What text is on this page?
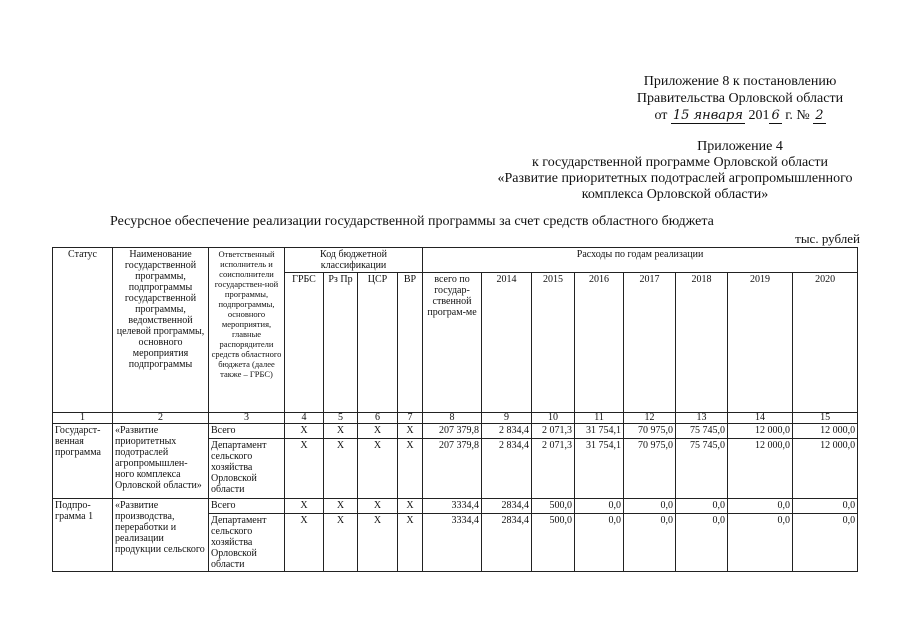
Приложение 8 к постановлению
Правительства Орловской области
от 15 января 201 6 г. № 2
Приложение 4
к государственной программе Орловской области
«Развитие приоритетных подотраслей агропромышленного
комплекса Орловской области»
Ресурсное обеспечение реализации государственной программы за счет средств областного бюджета
тыс. рублей
Статус	Наименование государственной программы, подпрограммы государственной программы, ведомственной целевой программы, основного мероприятия подпрограммы	Ответственный исполнитель и соисполнители государствен-ной программы, подпрограммы, основного мероприятия, главные распорядители средств областного бюджета (далее также – ГРБС)	Код бюджетной классификации				Расходы по годам реализации							
			ГРБС	Рз Пр	ЦСР	ВР	всего по государ-ственной програм-ме	2014	2015	2016	2017	2018	2019	2020
1	2	3	4	5	6	7	8	9	10	11	12	13	14	15
Государст-венная программа	«Развитие приоритетных подотраслей агропромышлен-ного комплекса Орловской области»	Всего	X	X	X	X	207 379,8	2 834,4	2 071,3	31 754,1	70 975,0	75 745,0	12 000,0	12 000,0
		Департамент сельского хозяйства Орловской области	X	X	X	X	207 379,8	2 834,4	2 071,3	31 754,1	70 975,0	75 745,0	12 000,0	12 000,0
Подпро-грамма 1	«Развитие производства, переработки и реализации продукции сельского	Всего	X	X	X	X	3334,4	2834,4	500,0	0,0	0,0	0,0	0,0	0,0
		Департамент сельского хозяйства Орловской области	X	X	X	X	3334,4	2834,4	500,0	0,0	0,0	0,0	0,0	0,0
